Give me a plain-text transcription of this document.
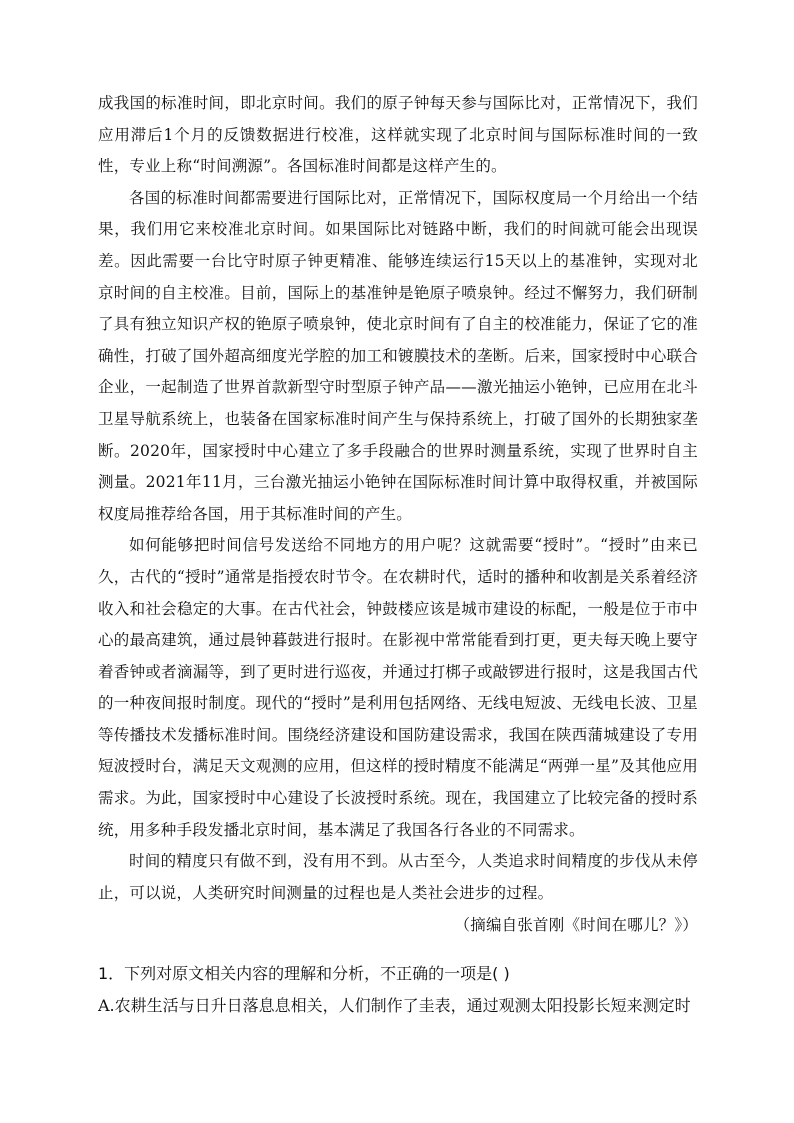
成我国的标准时间，即北京时间。我们的原子钟每天参与国际比对，正常情况下，我们应用滞后1个月的反馈数据进行校准，这样就实现了北京时间与国际标准时间的一致性，专业上称“时间溯源”。各国标准时间都是这样产生的。

各国的标准时间都需要进行国际比对，正常情况下，国际权度局一个月给出一个结果，我们用它来校准北京时间。如果国际比对链路中断，我们的时间就可能会出现误差。因此需要一台比守时原子钟更精准、能够连续运行15天以上的基准钟，实现对北京时间的自主校准。目前，国际上的基准钟是铯原子喷泉钟。经过不懈努力，我们研制了具有独立知识产权的铯原子喷泉钟，使北京时间有了自主的校准能力，保证了它的准确性，打破了国外超高细度光学腔的加工和镀膜技术的垄断。后来，国家授时中心联合企业，一起制造了世界首款新型守时型原子钟产品——激光抽运小铯钟，已应用在北斗卫星导航系统上，也装备在国家标准时间产生与保持系统上，打破了国外的长期独家垄断。2020年，国家授时中心建立了多手段融合的世界时测量系统，实现了世界时自主测量。2021年11月，三台激光抽运小铯钟在国际标准时间计算中取得权重，并被国际权度局推荐给各国，用于其标准时间的产生。

如何能够把时间信号发送给不同地方的用户呢？这就需要“授时”。“授时”由来已久，古代的“授时”通常是指授农时节令。在农耕时代，适时的播种和收割是关系着经济收入和社会稳定的大事。在古代社会，钟鼓楼应该是城市建设的标配，一般是位于市中心的最高建筑，通过晨钟暮鼓进行报时。在影视中常常能看到打更，更夫每天晚上要守着香钟或者滴漏等，到了更时进行巡夜，并通过打梆子或敲锣进行报时，这是我国古代的一种夜间报时制度。现代的“授时”是利用包括网络、无线电短波、无线电长波、卫星等传播技术发播标准时间。围绕经济建设和国防建设需求，我国在陕西蒲城建设了专用短波授时台，满足天文观测的应用，但这样的授时精度不能满足“两弹一星”及其他应用需求。为此，国家授时中心建设了长波授时系统。现在，我国建立了比较完备的授时系统，用多种手段发播北京时间，基本满足了我国各行各业的不同需求。

时间的精度只有做不到，没有用不到。从古至今，人类追求时间精度的步伐从未停止，可以说，人类研究时间测量的过程也是人类社会进步的过程。

（摘编自张首刚《时间在哪儿？》）

1．下列对原文相关内容的理解和分析，不正确的一项是( )

A.农耕生活与日升日落息息相关，人们制作了圭表，通过观测太阳投影长短来测定时
